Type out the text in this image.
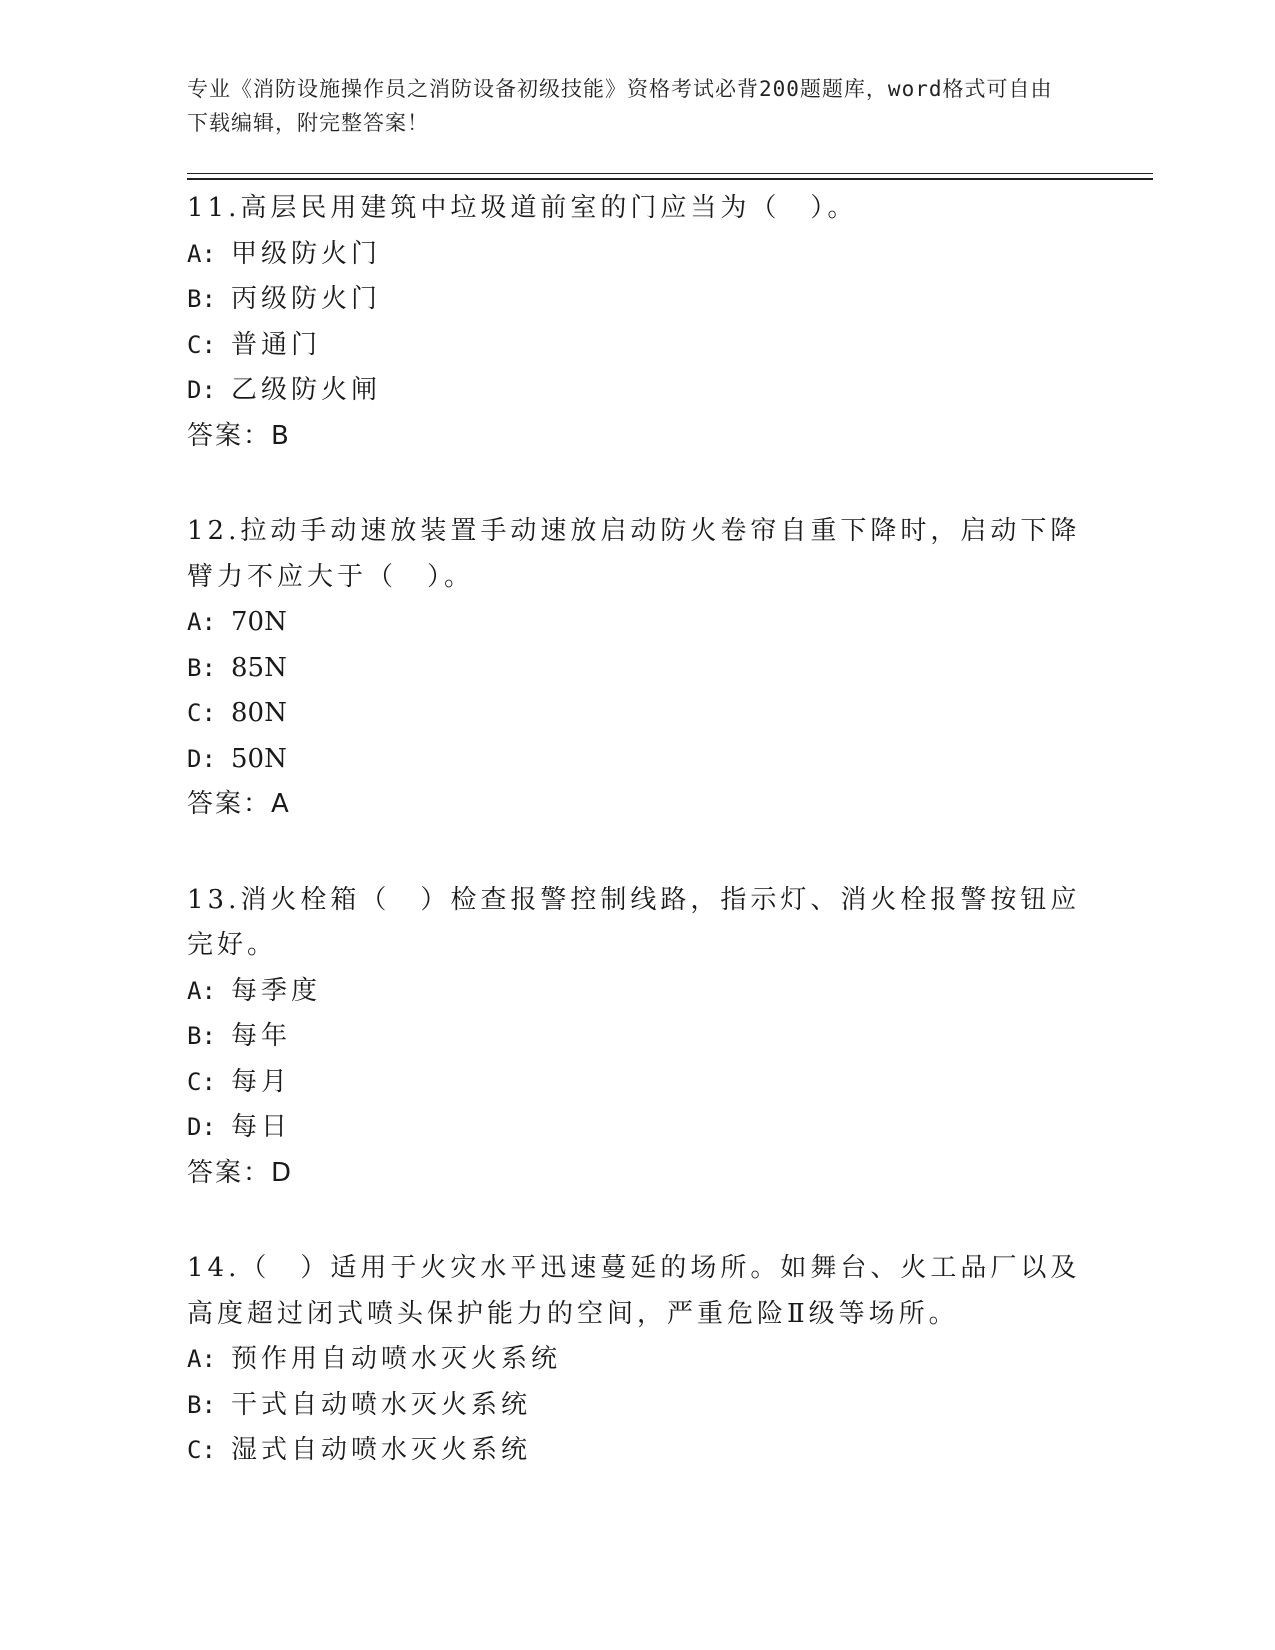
专业《消防设施操作员之消防设备初级技能》资格考试必背200题题库，word格式可自由下载编辑，附完整答案！

11.高层民用建筑中垃圾道前室的门应当为（　）。

A: 甲级防火门
B: 丙级防火门
C: 普通门
D: 乙级防火闸
答案：B

12.拉动手动速放装置手动速放启动防火卷帘自重下降时，启动下降臂力不应大于（　）。

A: 70N
B: 85N
C: 80N
D: 50N
答案：A

13.消火栓箱（　）检查报警控制线路，指示灯、消火栓报警按钮应完好。

A: 每季度
B: 每年
C: 每月
D: 每日
答案：D

14.（　）适用于火灾水平迅速蔓延的场所。如舞台、火工品厂以及高度超过闭式喷头保护能力的空间，严重危险Ⅱ级等场所。

A: 预作用自动喷水灭火系统
B: 干式自动喷水灭火系统
C: 湿式自动喷水灭火系统
